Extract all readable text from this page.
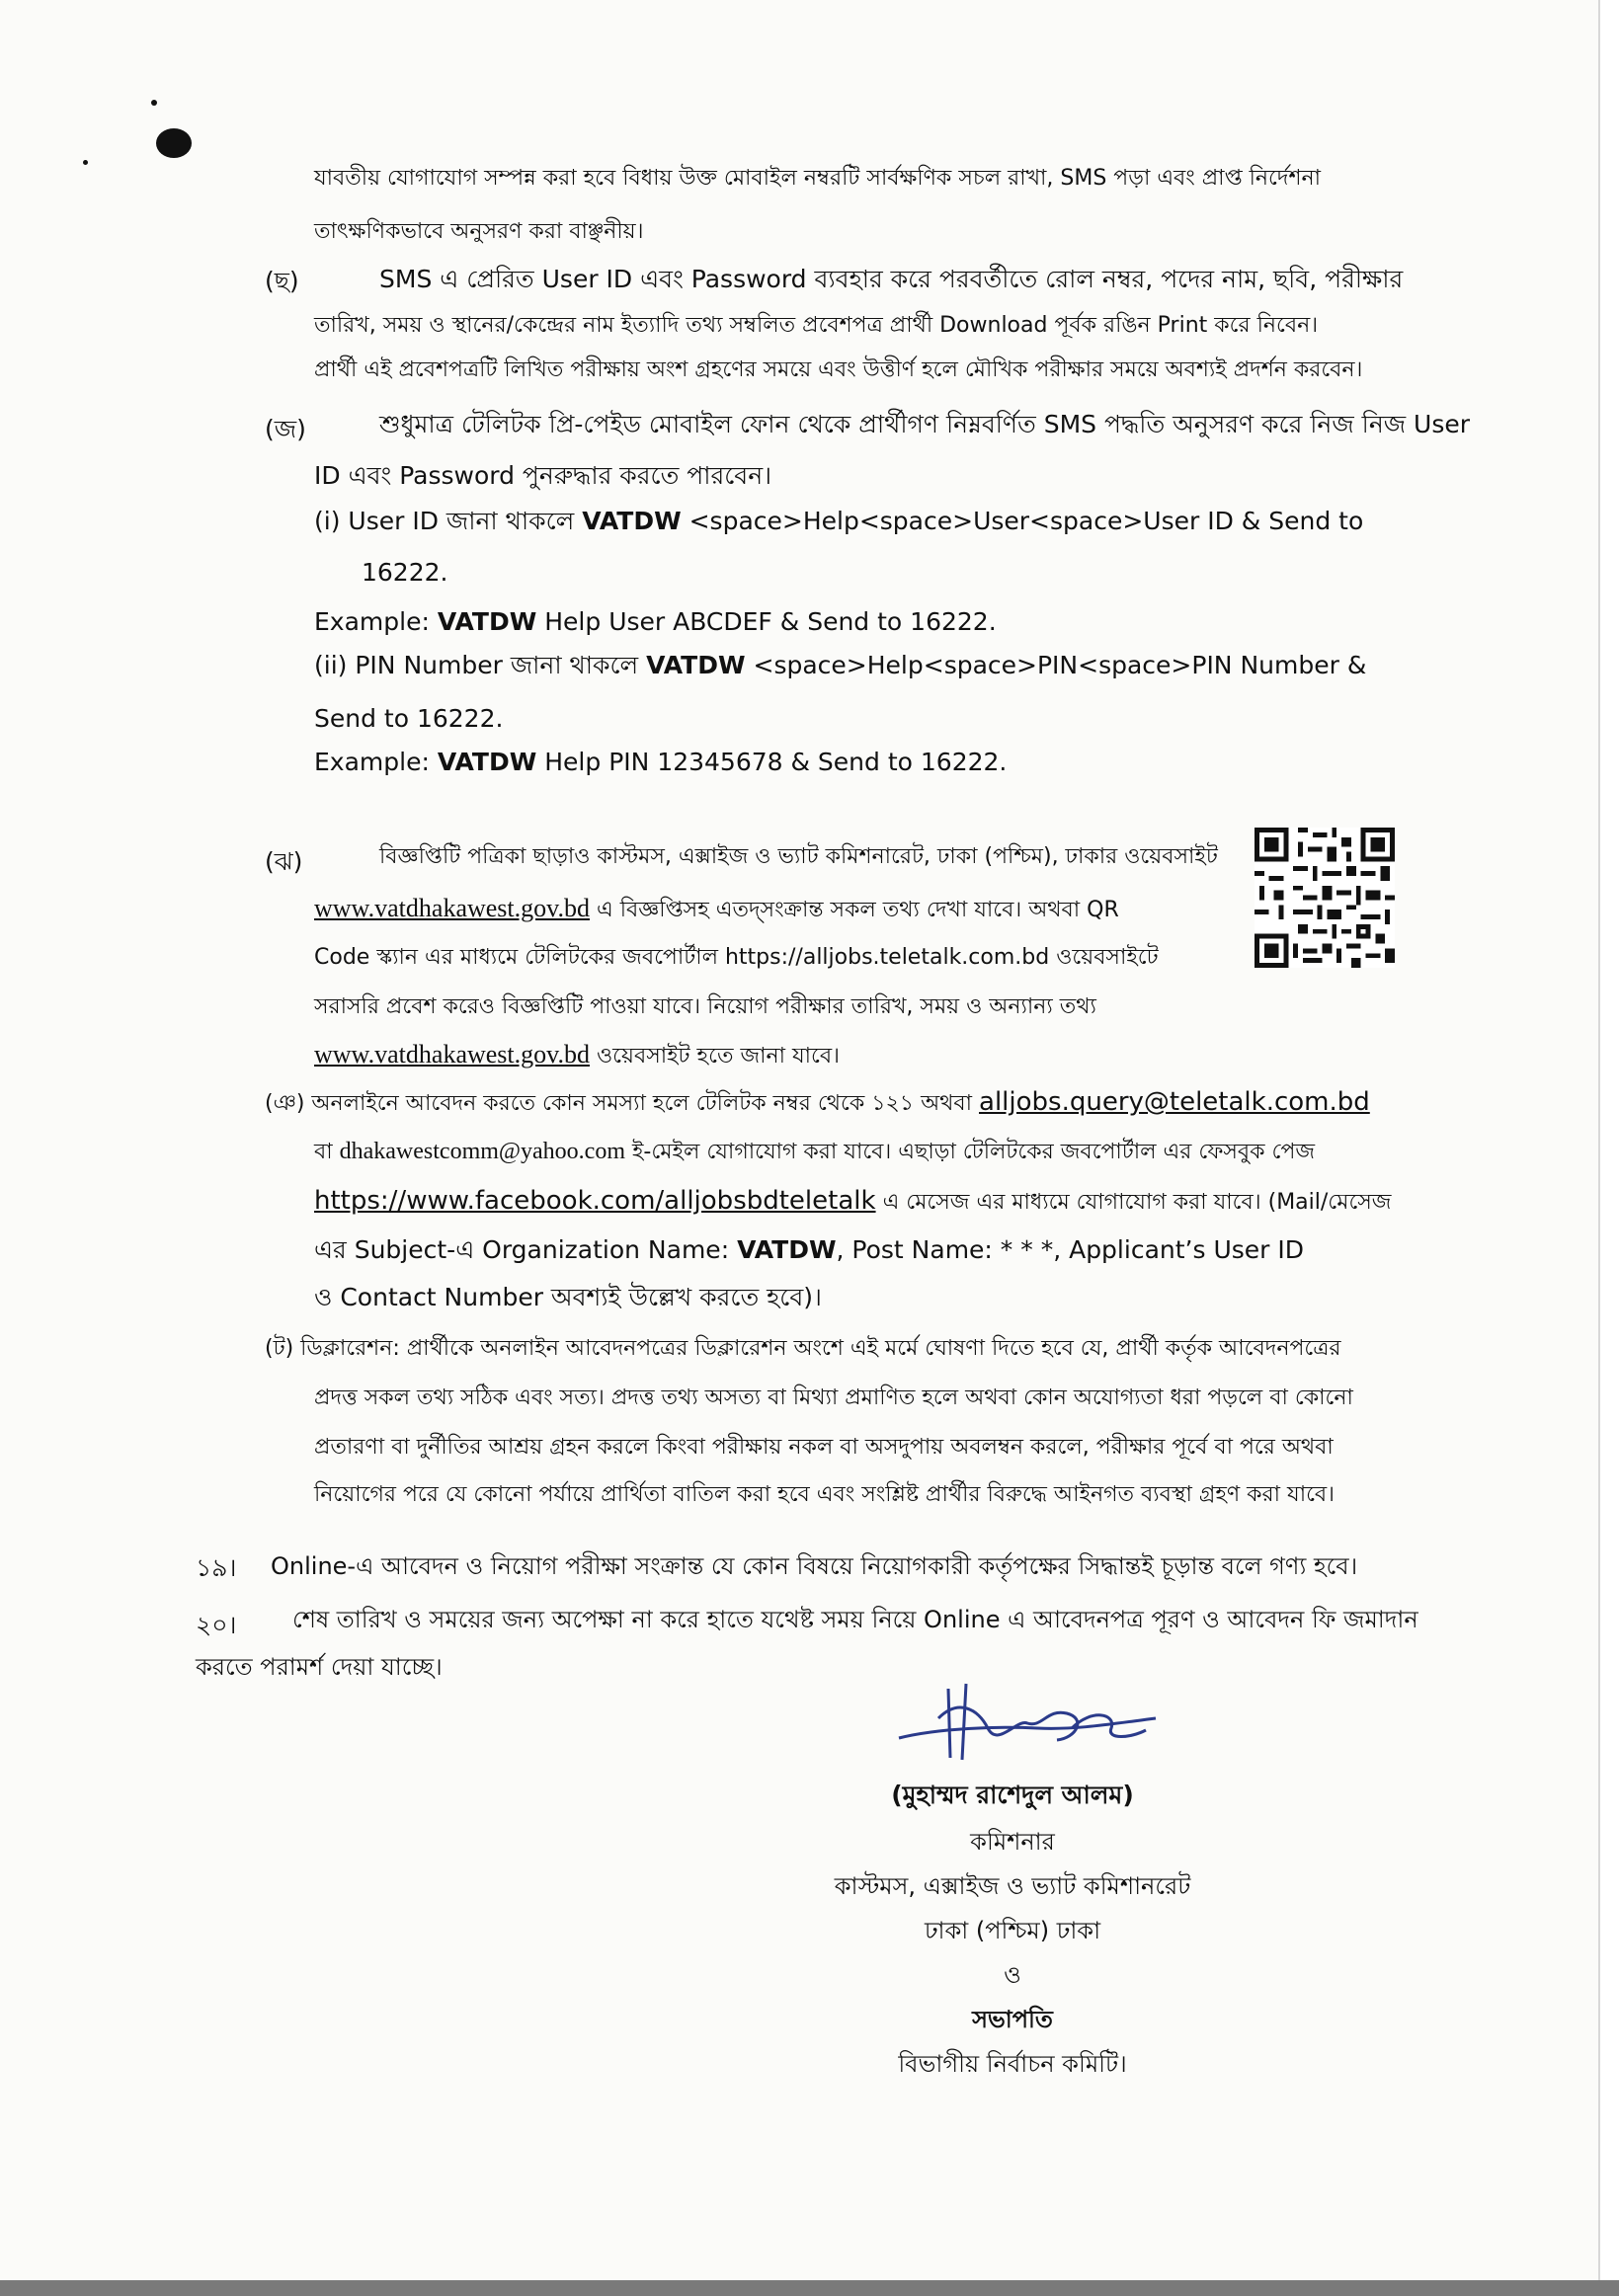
যাবতীয় যোগাযোগ সম্পন্ন করা হবে বিধায় উক্ত মোবাইল নম্বরটি সার্বক্ষণিক সচল রাখা, SMS পড়া এবং প্রাপ্ত নির্দেশনা
তাৎক্ষণিকভাবে অনুসরণ করা বাঞ্ছনীয়।
(ছ)	SMS এ প্রেরিত User ID এবং Password ব্যবহার করে পরবর্তীতে রোল নম্বর, পদের নাম, ছবি, পরীক্ষার
তারিখ, সময় ও স্থানের/কেন্দ্রের নাম ইত্যাদি তথ্য সম্বলিত প্রবেশপত্র প্রার্থী Download পূর্বক রঙিন Print করে নিবেন।
প্রার্থী এই প্রবেশপত্রটি লিখিত পরীক্ষায় অংশ গ্রহণের সময়ে এবং উত্তীর্ণ হলে মৌখিক পরীক্ষার সময়ে অবশ্যই প্রদর্শন করবেন।
(জ)	শুধুমাত্র টেলিটক প্রি-পেইড মোবাইল ফোন থেকে প্রার্থীগণ নিম্নবর্ণিত SMS পদ্ধতি অনুসরণ করে নিজ নিজ User
ID এবং Password পুনরুদ্ধার করতে পারবেন।
(i) User ID জানা থাকলে VATDW <space>Help<space>User<space>User ID & Send to
16222.
Example: VATDW Help User ABCDEF & Send to 16222.
(ii) PIN Number জানা থাকলে VATDW <space>Help<space>PIN<space>PIN Number &
Send to 16222.
Example: VATDW Help PIN 12345678 & Send to 16222.
(ঝ)	বিজ্ঞপ্তিটি পত্রিকা ছাড়াও কাস্টমস, এক্সাইজ ও ভ্যাট কমিশনারেট, ঢাকা (পশ্চিম), ঢাকার ওয়েবসাইট
www.vatdhakawest.gov.bd এ বিজ্ঞপ্তিসহ এতদ্সংক্রান্ত সকল তথ্য দেখা যাবে। অথবা QR
Code স্ক্যান এর মাধ্যমে টেলিটকের জবপোর্টাল https://alljobs.teletalk.com.bd ওয়েবসাইটে
সরাসরি প্রবেশ করেও বিজ্ঞপ্তিটি পাওয়া যাবে। নিয়োগ পরীক্ষার তারিখ, সময় ও অন্যান্য তথ্য
www.vatdhakawest.gov.bd ওয়েবসাইট হতে জানা যাবে।
(ঞ) অনলাইনে আবেদন করতে কোন সমস্যা হলে টেলিটক নম্বর থেকে ১২১ অথবা alljobs.query@teletalk.com.bd
বা dhakawestcomm@yahoo.com ই-মেইল যোগাযোগ করা যাবে। এছাড়া টেলিটকের জবপোর্টাল এর ফেসবুক পেজ
https://www.facebook.com/alljobsbdteletalk এ মেসেজ এর মাধ্যমে যোগাযোগ করা যাবে। (Mail/মেসেজ
এর Subject-এ Organization Name: VATDW, Post Name: * * *, Applicant’s User ID
ও Contact Number অবশ্যই উল্লেখ করতে হবে)।
(ট) ডিক্লারেশন: প্রার্থীকে অনলাইন আবেদনপত্রের ডিক্লারেশন অংশে এই মর্মে ঘোষণা দিতে হবে যে, প্রার্থী কর্তৃক আবেদনপত্রের
প্রদত্ত সকল তথ্য সঠিক এবং সত্য। প্রদত্ত তথ্য অসত্য বা মিথ্যা প্রমাণিত হলে অথবা কোন অযোগ্যতা ধরা পড়লে বা কোনো
প্রতারণা বা দুর্নীতির আশ্রয় গ্রহন করলে কিংবা পরীক্ষায় নকল বা অসদুপায় অবলম্বন করলে, পরীক্ষার পূর্বে বা পরে অথবা
নিয়োগের পরে যে কোনো পর্যায়ে প্রার্থিতা বাতিল করা হবে এবং সংশ্লিষ্ট প্রার্থীর বিরুদ্ধে আইনগত ব্যবস্থা গ্রহণ করা যাবে।
১৯। Online-এ আবেদন ও নিয়োগ পরীক্ষা সংক্রান্ত যে কোন বিষয়ে নিয়োগকারী কর্তৃপক্ষের সিদ্ধান্তই চূড়ান্ত বলে গণ্য হবে।
২০। শেষ তারিখ ও সময়ের জন্য অপেক্ষা না করে হাতে যথেষ্ট সময় নিয়ে Online এ আবেদনপত্র পূরণ ও আবেদন ফি জমাদান
করতে পরামর্শ দেয়া যাচ্ছে।
(মুহাম্মদ রাশেদুল আলম)
কমিশনার
কাস্টমস, এক্সাইজ ও ভ্যাট কমিশানরেট
ঢাকা (পশ্চিম) ঢাকা
ও
সভাপতি
বিভাগীয় নির্বাচন কমিটি।
